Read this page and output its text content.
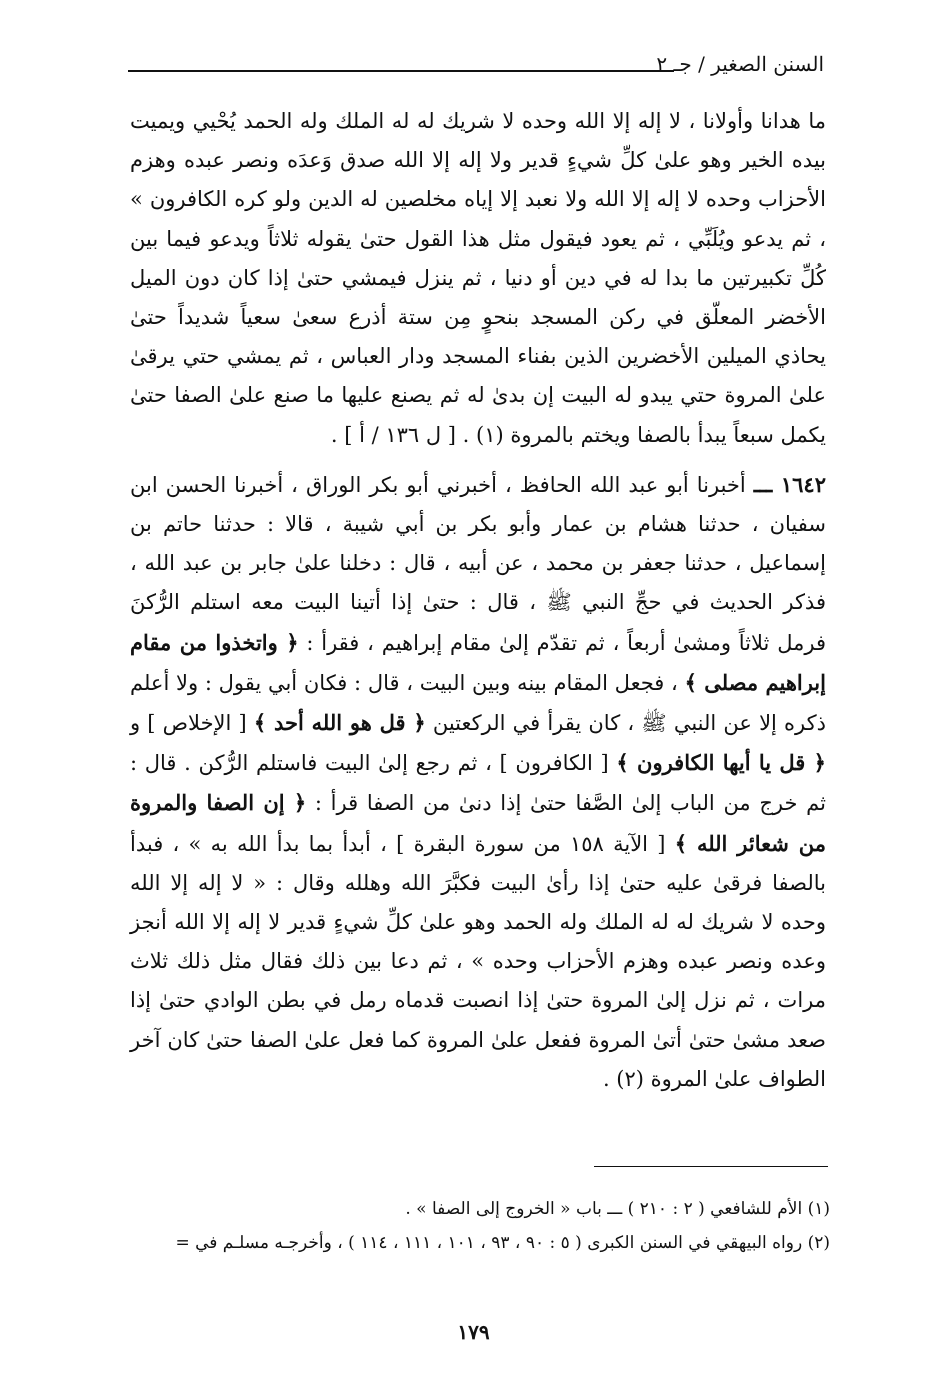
السنن الصغير / جـ ٢

ما هدانا وأولانا ، لا إله إلا الله وحده لا شريك له له الملك وله الحمد يُحْيي ويميت بيده الخير وهو علىٰ كلِّ شيءٍ قدير ولا إله إلا الله صدق وَعدَه ونصر عبده وهزم الأحزاب وحده لا إله إلا الله ولا نعبد إلا إياه مخلصين له الدين ولو كره الكافرون » ، ثم يدعو ويُلَبِّي ، ثم يعود فيقول مثل هذا القول حتىٰ يقوله ثلاثاً ويدعو فيما بين كُلِّ تكبيرتين ما بدا له في دين أو دنيا ، ثم ينزل فيمشي حتىٰ إذا كان دون الميل الأخضر المعلّق في ركن المسجد بنحوٍ مِن ستة أذرع سعىٰ سعياً شديداً حتىٰ يحاذي الميلين الأخضرين الذين بفناء المسجد ودار العباس ، ثم يمشي حتي يرقىٰ علىٰ المروة حتي يبدو له البيت إن بدىٰ له ثم يصنع عليها ما صنع علىٰ الصفا حتىٰ يكمل سبعاً يبدأ بالصفا ويختم بالمروة (١) . [ ل ١٣٦ / أ ] .

١٦٤٢ ـــ أخبرنا أبو عبد الله الحافظ ، أخبرني أبو بكر الوراق ، أخبرنا الحسن ابن سفيان ، حدثنا هشام بن عمار وأبو بكر بن أبي شيبة ، قالا : حدثنا حاتم بن إسماعيل ، حدثنا جعفر بن محمد ، عن أبيه ، قال : دخلنا علىٰ جابر بن عبد الله ، فذكر الحديث في حجِّ النبي ﷺ ، قال : حتىٰ إذا أتينا البيت معه استلم الرُّكنَ فرمل ثلاثاً ومشىٰ أربعاً ، ثم تقدّم إلىٰ مقام إبراهيم ، فقرأ : ﴿ واتخذوا من مقام إبراهيم مصلى ﴾ ، فجعل المقام بينه وبين البيت ، قال : فكان أبي يقول : ولا أعلم ذكره إلا عن النبي ﷺ ، كان يقرأ في الركعتين ﴿ قل هو الله أحد ﴾ [ الإخلاص ] و ﴿ قل يا أيها الكافرون ﴾ [ الكافرون ] ، ثم رجع إلىٰ البيت فاستلم الرُّكن . قال : ثم خرج من الباب إلىٰ الصَّفا حتىٰ إذا دنىٰ من الصفا قرأ : ﴿ إن الصفا والمروة من شعائر الله ﴾ [ الآية ١٥٨ من سورة البقرة ] ، أبدأ بما بدأ الله به » ، فبدأ بالصفا فرقىٰ عليه حتىٰ إذا رأىٰ البيت فكبَّرَ الله وهلله وقال : « لا إله إلا الله وحده لا شريك له له الملك وله الحمد وهو علىٰ كلِّ شيءٍ قدير لا إله إلا الله أنجز وعده ونصر عبده وهزم الأحزاب وحده » ، ثم دعا بين ذلك فقال مثل ذلك ثلاث مرات ، ثم نزل إلىٰ المروة حتىٰ إذا انصبت قدماه رمل في بطن الوادي حتىٰ إذا صعد مشىٰ حتىٰ أتىٰ المروة ففعل علىٰ المروة كما فعل علىٰ الصفا حتىٰ كان آخر الطواف علىٰ المروة (٢) .

(١) الأم للشافعي ( ٢ : ٢١٠ ) ـــ باب « الخروج إلى الصفا » .
(٢) رواه البيهقي في السنن الكبرى ( ٥ : ٩٠ ، ٩٣ ، ١٠١ ، ١١١ ، ١١٤ ) ، وأخرجـه مسلـم في =
١٧٩
